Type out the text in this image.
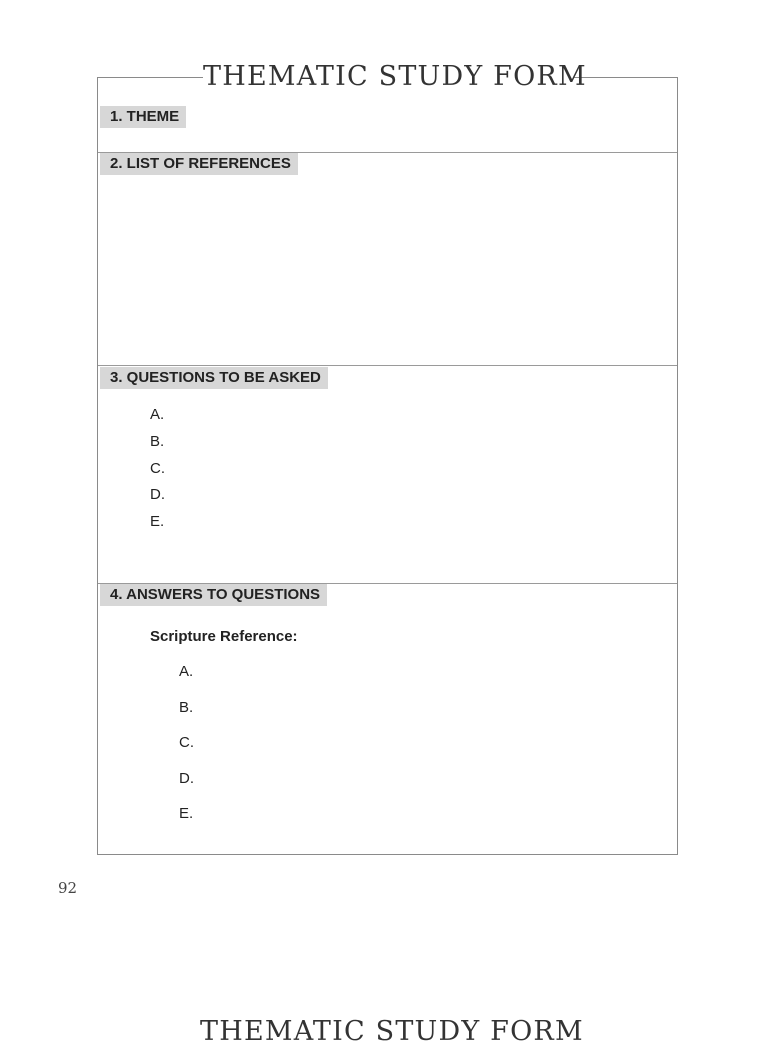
1. THEME
2. LIST OF REFERENCES
3. QUESTIONS TO BE ASKED
A.
B.
C.
D.
E.
4. ANSWERS TO QUESTIONS
Scripture Reference:
A.
B.
C.
D.
E.
THEMATIC STUDY FORM
92
THEMATIC STUDY FORM
